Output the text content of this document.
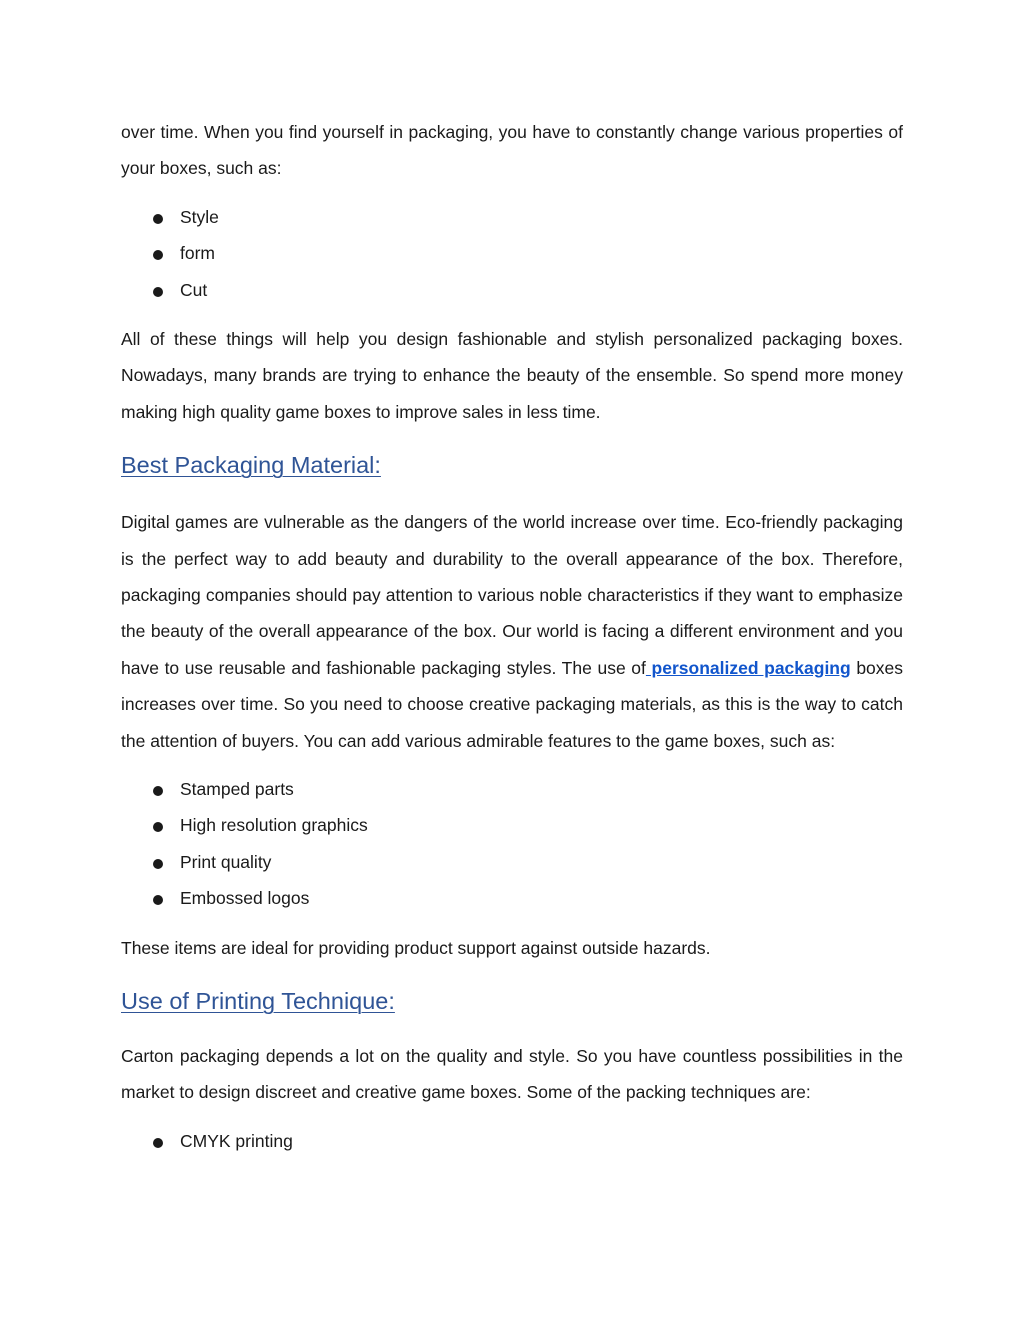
over time. When you find yourself in packaging, you have to constantly change various properties of your boxes, such as:

Style
form
Cut

All of these things will help you design fashionable and stylish personalized packaging boxes. Nowadays, many brands are trying to enhance the beauty of the ensemble. So spend more money making high quality game boxes to improve sales in less time.

Best Packaging Material:

Digital games are vulnerable as the dangers of the world increase over time. Eco-friendly packaging is the perfect way to add beauty and durability to the overall appearance of the box. Therefore, packaging companies should pay attention to various noble characteristics if they want to emphasize the beauty of the overall appearance of the box. Our world is facing a different environment and you have to use reusable and fashionable packaging styles. The use of personalized packaging boxes increases over time. So you need to choose creative packaging materials, as this is the way to catch the attention of buyers. You can add various admirable features to the game boxes, such as:

Stamped parts
High resolution graphics
Print quality
Embossed logos

These items are ideal for providing product support against outside hazards.

Use of Printing Technique:

Carton packaging depends a lot on the quality and style. So you have countless possibilities in the market to design discreet and creative game boxes. Some of the packing techniques are:

CMYK printing
